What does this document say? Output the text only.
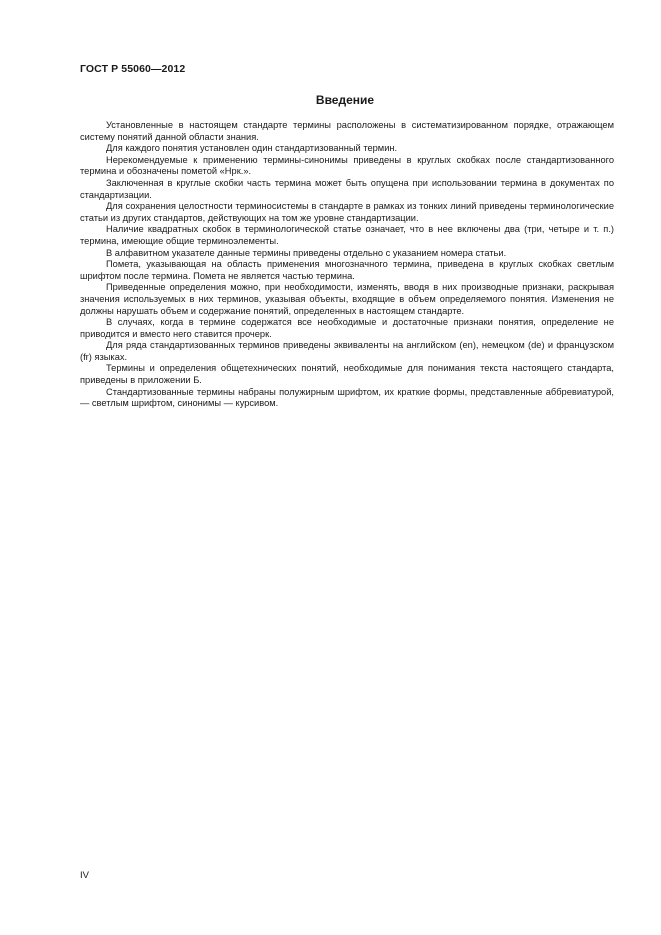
ГОСТ Р 55060—2012
Введение

Установленные в настоящем стандарте термины расположены в систематизированном порядке, отражающем систему понятий данной области знания.

Для каждого понятия установлен один стандартизованный термин.

Нерекомендуемые к применению термины-синонимы приведены в круглых скобках после стандартизованного термина и обозначены пометой «Нрк.».

Заключенная в круглые скобки часть термина может быть опущена при использовании термина в документах по стандартизации.

Для сохранения целостности терминосистемы в стандарте в рамках из тонких линий приведены терминологические статьи из других стандартов, действующих на том же уровне стандартизации.

Наличие квадратных скобок в терминологической статье означает, что в нее включены два (три, четыре и т. п.) термина, имеющие общие терминоэлементы.

В алфавитном указателе данные термины приведены отдельно с указанием номера статьи.

Помета, указывающая на область применения многозначного термина, приведена в круглых скобках светлым шрифтом после термина. Помета не является частью термина.

Приведенные определения можно, при необходимости, изменять, вводя в них производные признаки, раскрывая значения используемых в них терминов, указывая объекты, входящие в объем определяемого понятия. Изменения не должны нарушать объем и содержание понятий, определенных в настоящем стандарте.

В случаях, когда в термине содержатся все необходимые и достаточные признаки понятия, определение не приводится и вместо него ставится прочерк.

Для ряда стандартизованных терминов приведены эквиваленты на английском (en), немецком (de) и французском (fr) языках.

Термины и определения общетехнических понятий, необходимые для понимания текста настоящего стандарта, приведены в приложении Б.

Стандартизованные термины набраны полужирным шрифтом, их краткие формы, представленные аббревиатурой, — светлым шрифтом, синонимы — курсивом.

IV
